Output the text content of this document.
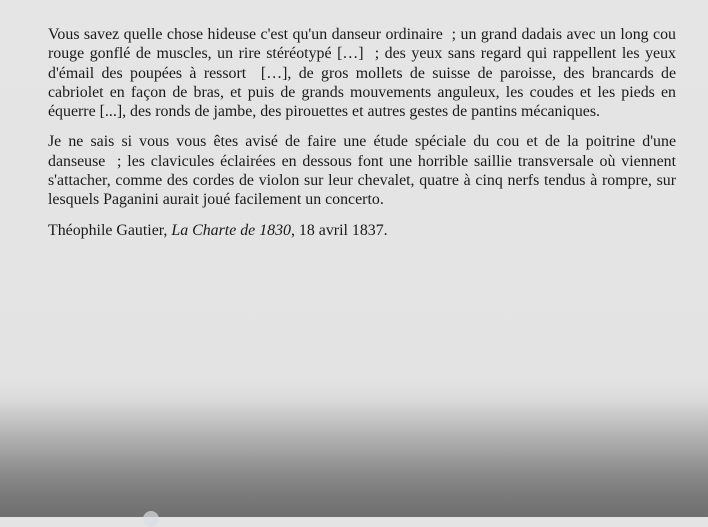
Vous savez quelle chose hideuse c'est qu'un danseur ordinaire  ; un grand dadais avec un long cou rouge gonflé de muscles, un rire stéréotypé […]  ; des yeux sans regard qui rappellent les yeux d'émail des poupées à ressort  […], de gros mollets de suisse de paroisse, des brancards de cabriolet en façon de bras, et puis de grands mouvements anguleux, les coudes et les pieds en équerre [...], des ronds de jambe, des pirouettes et autres gestes de pantins mécaniques.

Je ne sais si vous vous êtes avisé de faire une étude spéciale du cou et de la poitrine d'une danseuse  ; les clavicules éclairées en dessous font une horrible saillie transversale où viennent s'attacher, comme des cordes de violon sur leur chevalet, quatre à cinq nerfs tendus à rompre, sur lesquels Paganini aurait joué facilement un concerto.

Théophile Gautier, La Charte de 1830, 18 avril 1837.
